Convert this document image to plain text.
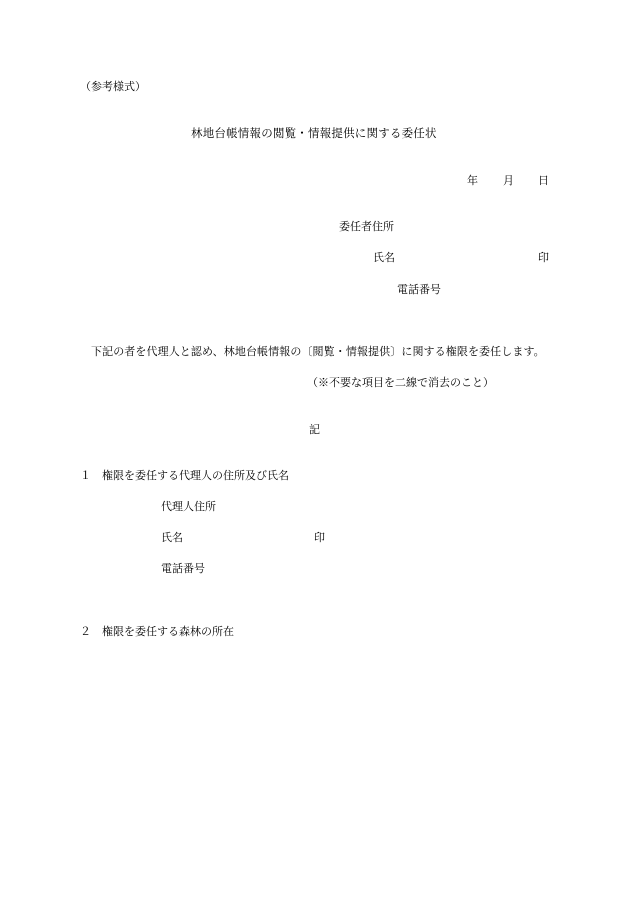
（参考様式）
林地台帳情報の閲覧・情報提供に関する委任状
年 月 日
委任者住所
氏名	印
電話番号
下記の者を代理人と認め、林地台帳情報の〔閲覧・情報提供〕に関する権限を委任します。
（※不要な項目を二線で消去のこと）
記
１　権限を委任する代理人の住所及び氏名
代理人住所
氏名	印
電話番号
２　権限を委任する森林の所在
